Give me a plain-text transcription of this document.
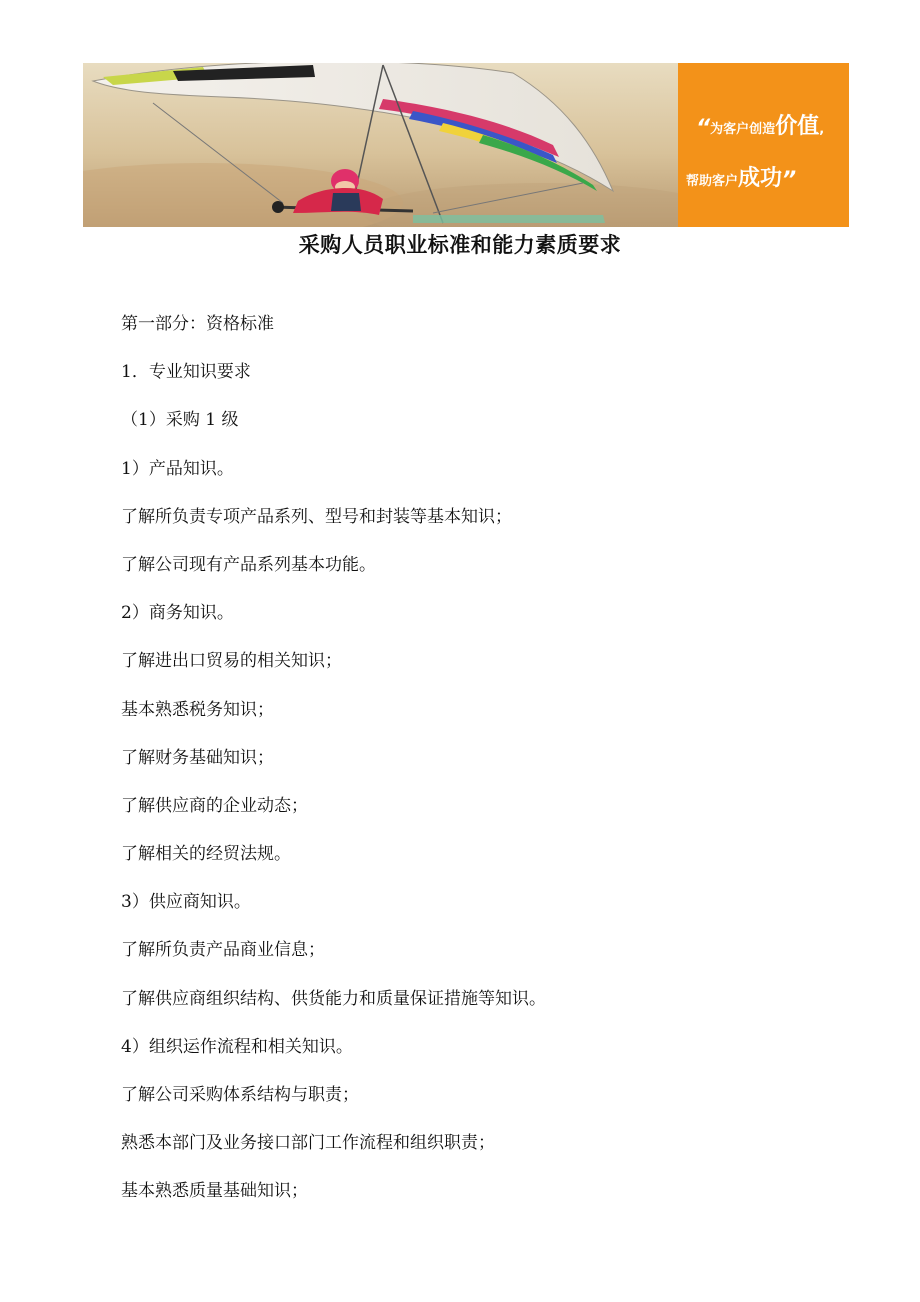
“为客户创造价值,
帮助客户成功”
采购人员职业标准和能力素质要求
第一部分：资格标准
1．专业知识要求
（1）采购 1 级
1）产品知识。
了解所负责专项产品系列、型号和封装等基本知识；
了解公司现有产品系列基本功能。
2）商务知识。
了解进出口贸易的相关知识；
基本熟悉税务知识；
了解财务基础知识；
了解供应商的企业动态；
了解相关的经贸法规。
3）供应商知识。
了解所负责产品商业信息；
了解供应商组织结构、供货能力和质量保证措施等知识。
4）组织运作流程和相关知识。
了解公司采购体系结构与职责；
熟悉本部门及业务接口部门工作流程和组织职责；
基本熟悉质量基础知识；
